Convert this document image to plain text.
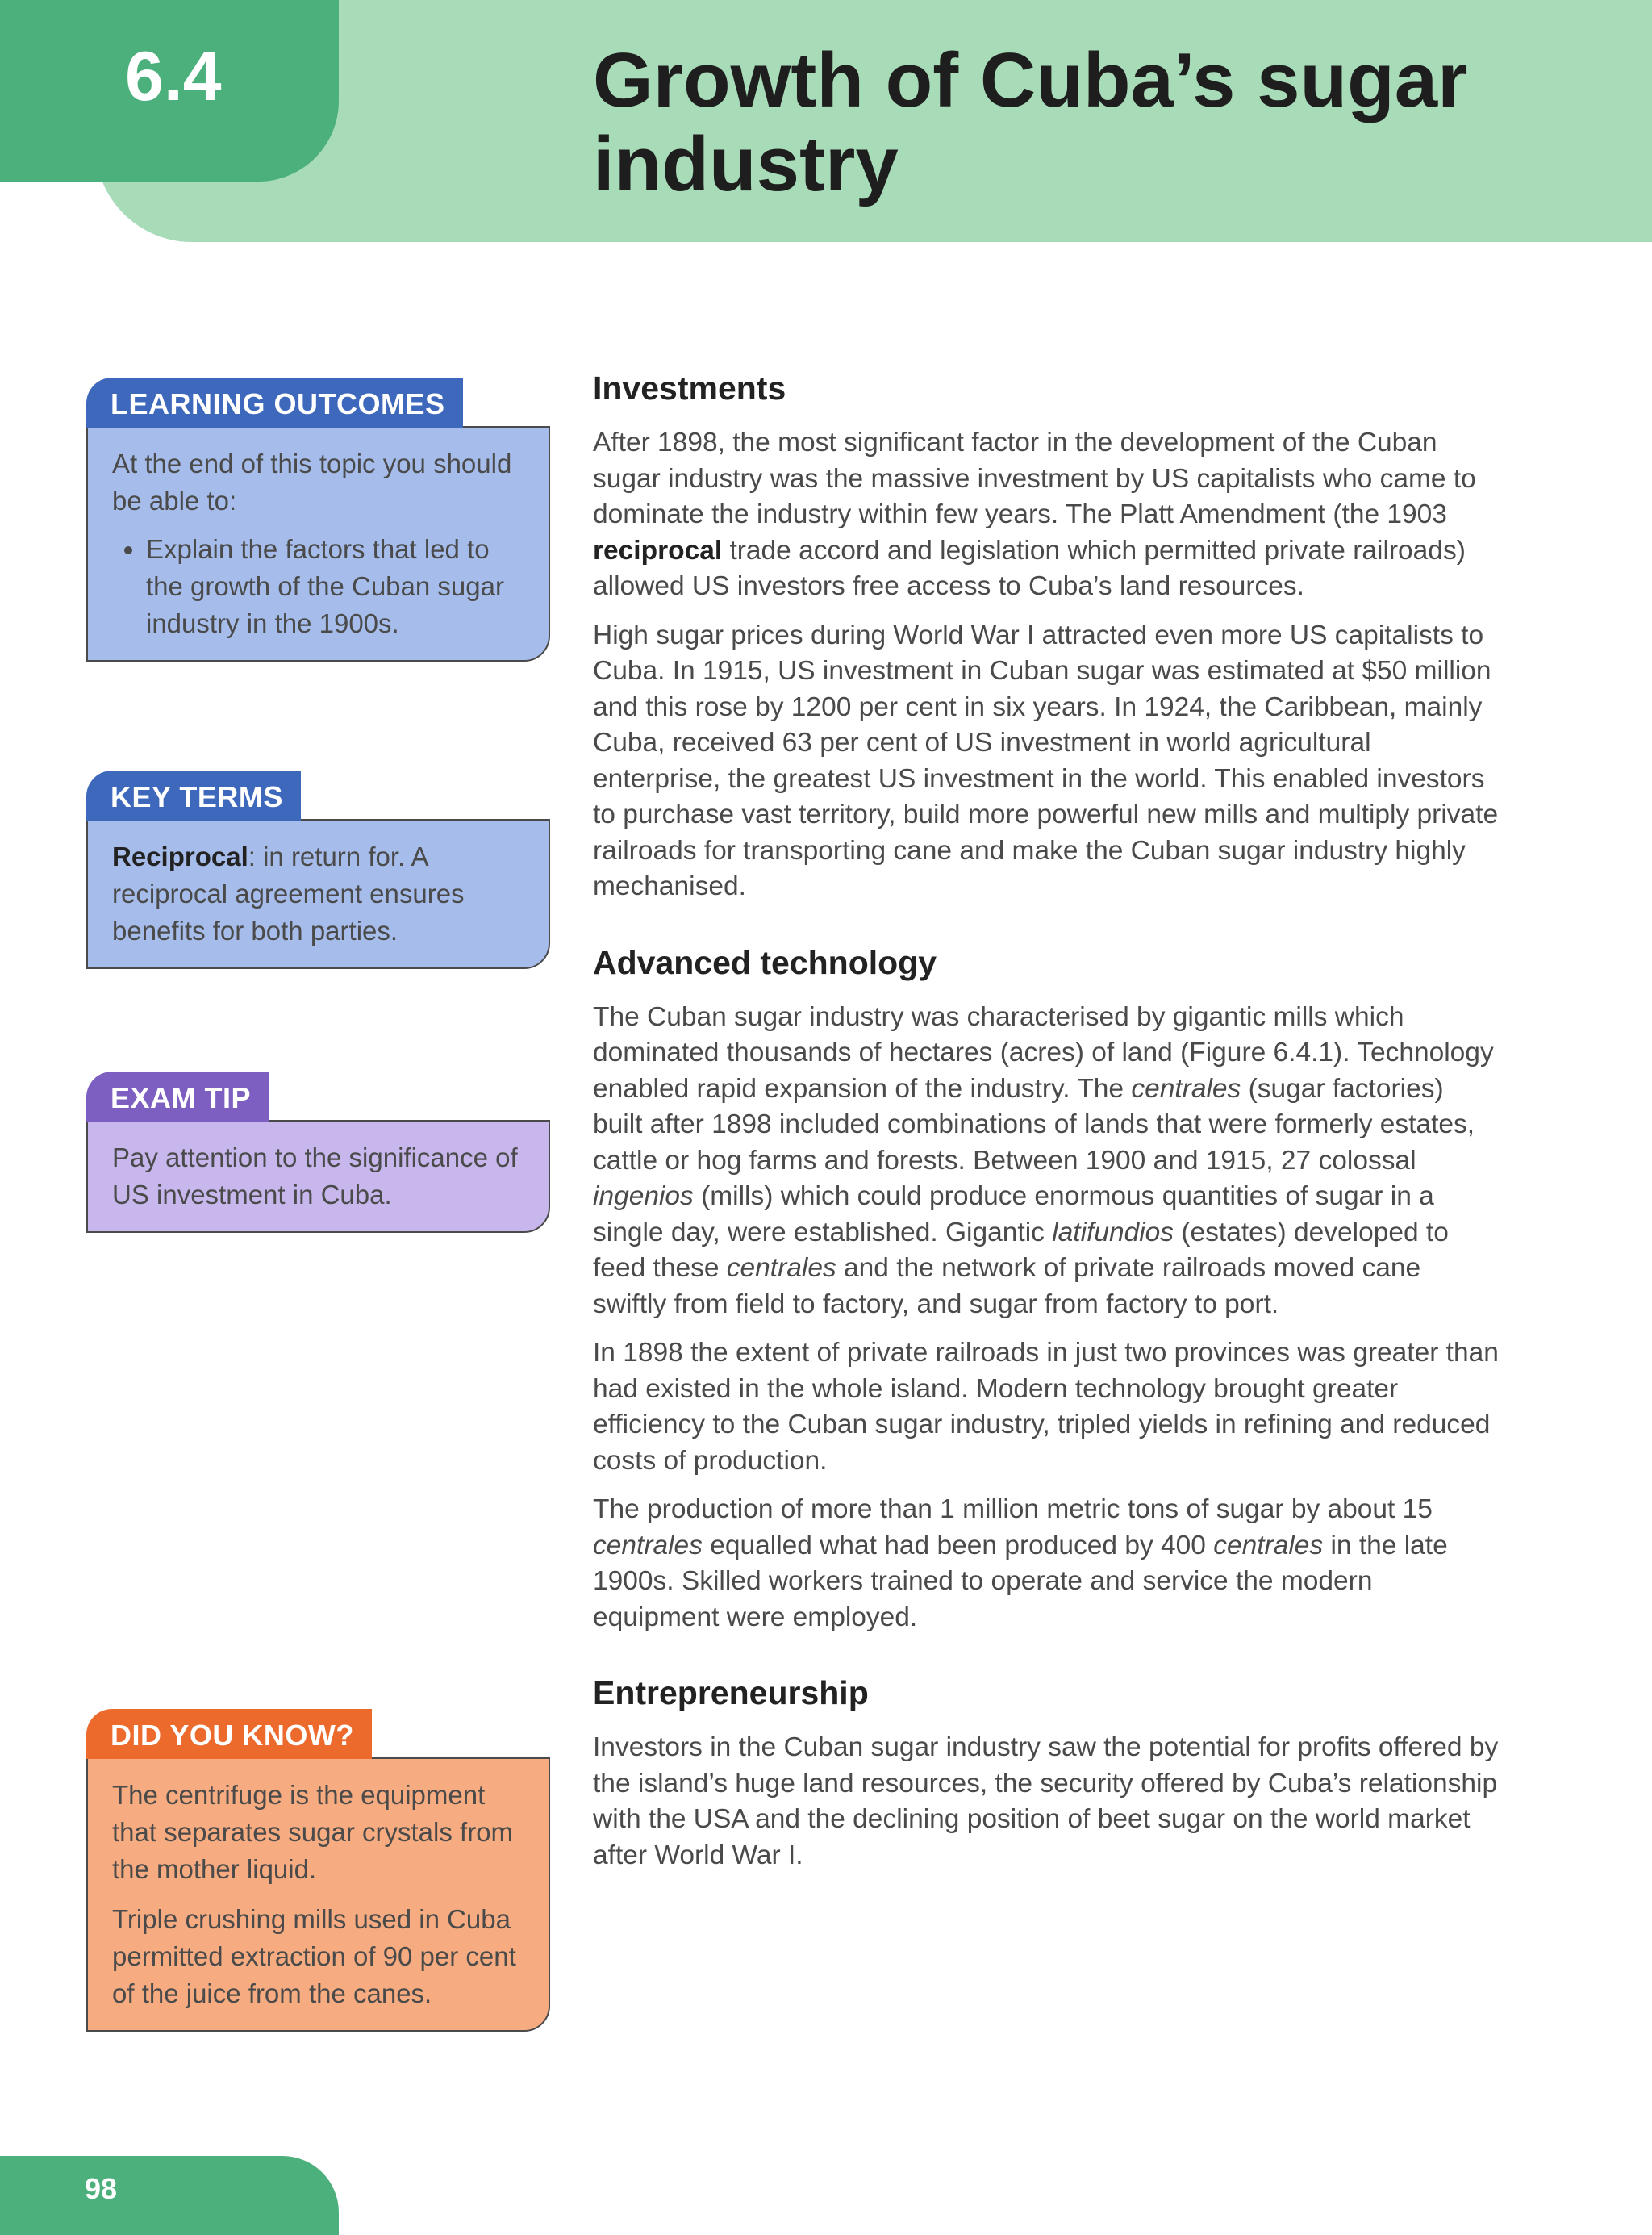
6.4	Growth of Cuba’s sugar industry
LEARNING OUTCOMES

At the end of this topic you should be able to:

• Explain the factors that led to the growth of the Cuban sugar industry in the 1900s.
KEY TERMS

Reciprocal: in return for. A reciprocal agreement ensures benefits for both parties.

EXAM TIP

Pay attention to the significance of US investment in Cuba.

DID YOU KNOW?

The centrifuge is the equipment that separates sugar crystals from the mother liquid.

Triple crushing mills used in Cuba permitted extraction of 90 per cent of the juice from the canes.

Investments

After 1898, the most significant factor in the development of the Cuban sugar industry was the massive investment by US capitalists who came to dominate the industry within few years. The Platt Amendment (the 1903 reciprocal trade accord and legislation which permitted private railroads) allowed US investors free access to Cuba’s land resources.

High sugar prices during World War I attracted even more US capitalists to Cuba. In 1915, US investment in Cuban sugar was estimated at $50 million and this rose by 1200 per cent in six years. In 1924, the Caribbean, mainly Cuba, received 63 per cent of US investment in world agricultural enterprise, the greatest US investment in the world. This enabled investors to purchase vast territory, build more powerful new mills and multiply private railroads for transporting cane and make the Cuban sugar industry highly mechanised.

Advanced technology

The Cuban sugar industry was characterised by gigantic mills which dominated thousands of hectares (acres) of land (Figure 6.4.1). Technology enabled rapid expansion of the industry. The centrales (sugar factories) built after 1898 included combinations of lands that were formerly estates, cattle or hog farms and forests. Between 1900 and 1915, 27 colossal ingenios (mills) which could produce enormous quantities of sugar in a single day, were established. Gigantic latifundios (estates) developed to feed these centrales and the network of private railroads moved cane swiftly from field to factory, and sugar from factory to port.

In 1898 the extent of private railroads in just two provinces was greater than had existed in the whole island. Modern technology brought greater efficiency to the Cuban sugar industry, tripled yields in refining and reduced costs of production.

The production of more than 1 million metric tons of sugar by about 15 centrales equalled what had been produced by 400 centrales in the late 1900s. Skilled workers trained to operate and service the modern equipment were employed.

Entrepreneurship

Investors in the Cuban sugar industry saw the potential for profits offered by the island’s huge land resources, the security offered by Cuba’s relationship with the USA and the declining position of beet sugar on the world market after World War I.

98
